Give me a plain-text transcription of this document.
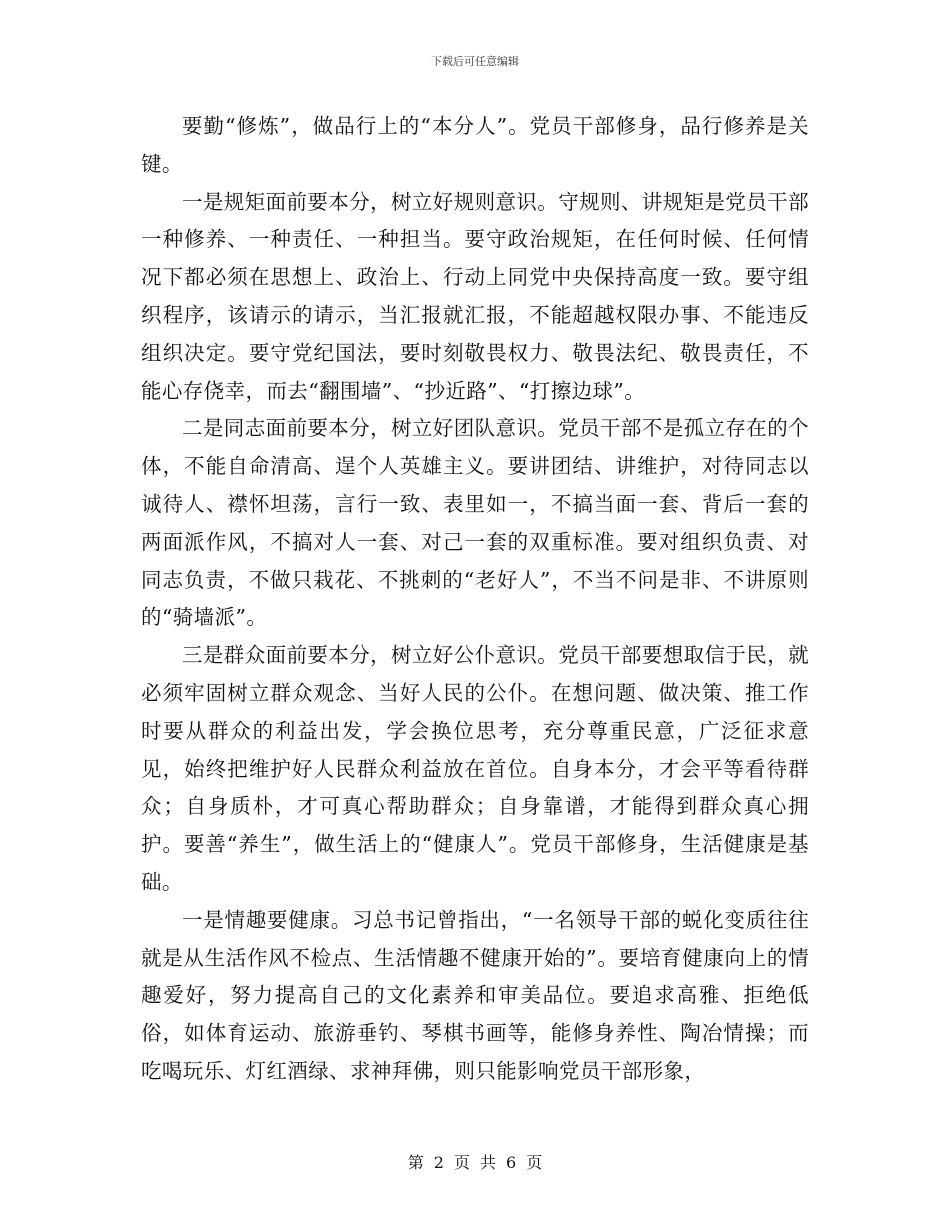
下载后可任意编辑

要勤“修炼”，做品行上的“本分人”。党员干部修身，品行修养是关键。

一是规矩面前要本分，树立好规则意识。守规则、讲规矩是党员干部一种修养、一种责任、一种担当。要守政治规矩，在任何时候、任何情况下都必须在思想上、政治上、行动上同党中央保持高度一致。要守组织程序，该请示的请示，当汇报就汇报，不能超越权限办事、不能违反组织决定。要守党纪国法，要时刻敬畏权力、敬畏法纪、敬畏责任，不能心存侥幸，而去“翻围墙”、“抄近路”、“打擦边球”。

二是同志面前要本分，树立好团队意识。党员干部不是孤立存在的个体，不能自命清高、逞个人英雄主义。要讲团结、讲维护，对待同志以诚待人、襟怀坦荡，言行一致、表里如一，不搞当面一套、背后一套的两面派作风，不搞对人一套、对己一套的双重标准。要对组织负责、对同志负责，不做只栽花、不挑刺的“老好人”，不当不问是非、不讲原则的“骑墙派”。

三是群众面前要本分，树立好公仆意识。党员干部要想取信于民，就必须牢固树立群众观念、当好人民的公仆。在想问题、做决策、推工作时要从群众的利益出发，学会换位思考，充分尊重民意，广泛征求意见，始终把维护好人民群众利益放在首位。自身本分，才会平等看待群众；自身质朴，才可真心帮助群众；自身靠谱，才能得到群众真心拥护。要善“养生”，做生活上的“健康人”。党员干部修身，生活健康是基础。

一是情趣要健康。习总书记曾指出，“一名领导干部的蜕化变质往往就是从生活作风不检点、生活情趣不健康开始的”。要培育健康向上的情趣爱好，努力提高自己的文化素养和审美品位。要追求高雅、拒绝低俗，如体育运动、旅游垂钓、琴棋书画等，能修身养性、陶冶情操；而吃喝玩乐、灯红酒绿、求神拜佛，则只能影响党员干部形象，

第 2 页 共 6 页
